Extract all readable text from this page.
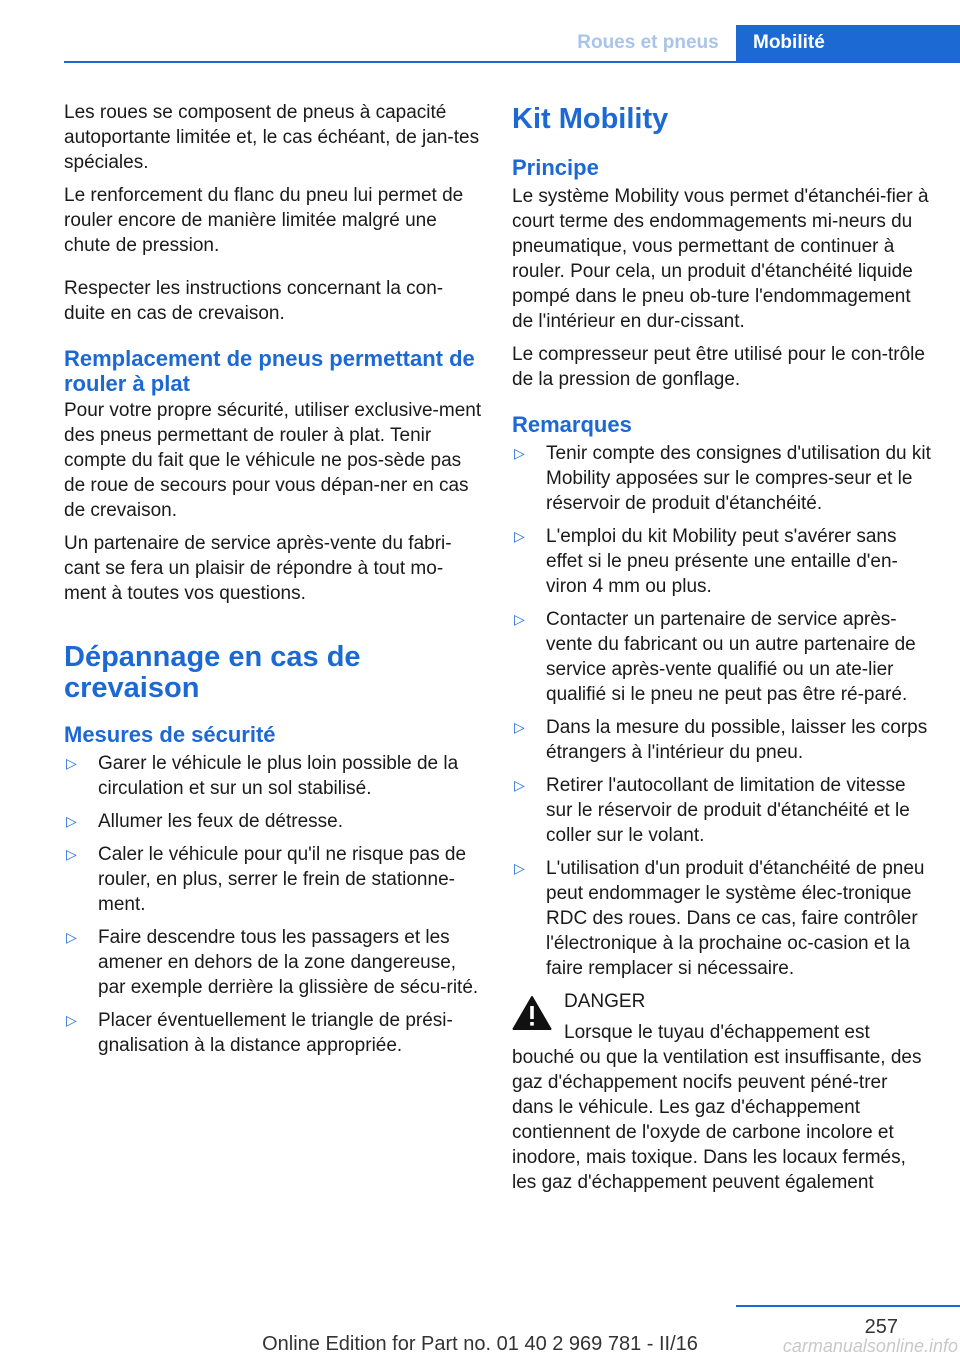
Roues et pneus	Mobilité

Les roues se composent de pneus à capacité autoportante limitée et, le cas échéant, de jan-tes spéciales.

Le renforcement du flanc du pneu lui permet de rouler encore de manière limitée malgré une chute de pression.

Respecter les instructions concernant la con-duite en cas de crevaison.

Remplacement de pneus permettant de rouler à plat

Pour votre propre sécurité, utiliser exclusive-ment des pneus permettant de rouler à plat. Tenir compte du fait que le véhicule ne pos-sède pas de roue de secours pour vous dépan-ner en cas de crevaison.

Un partenaire de service après-vente du fabri-cant se fera un plaisir de répondre à tout mo-ment à toutes vos questions.

Dépannage en cas de crevaison
Mesures de sécurité
▷	Garer le véhicule le plus loin possible de la circulation et sur un sol stabilisé.
▷	Allumer les feux de détresse.
▷	Caler le véhicule pour qu'il ne risque pas de rouler, en plus, serrer le frein de stationne-ment.
▷	Faire descendre tous les passagers et les amener en dehors de la zone dangereuse, par exemple derrière la glissière de sécu-rité.
▷	Placer éventuellement le triangle de prési-gnalisation à la distance appropriée.
Kit Mobility
Principe

Le système Mobility vous permet d'étanchéi-fier à court terme des endommagements mi-neurs du pneumatique, vous permettant de continuer à rouler. Pour cela, un produit d'étanchéité liquide pompé dans le pneu ob-ture l'endommagement de l'intérieur en dur-cissant.

Le compresseur peut être utilisé pour le con-trôle de la pression de gonflage.

Remarques
▷	Tenir compte des consignes d'utilisation du kit Mobility apposées sur le compres-seur et le réservoir de produit d'étanchéité.
▷	L'emploi du kit Mobility peut s'avérer sans effet si le pneu présente une entaille d'en-viron 4 mm ou plus.
▷	Contacter un partenaire de service après-vente du fabricant ou un autre partenaire de service après-vente qualifié ou un ate-lier qualifié si le pneu ne peut pas être ré-paré.
▷	Dans la mesure du possible, laisser les corps étrangers à l'intérieur du pneu.
▷	Retirer l'autocollant de limitation de vitesse sur le réservoir de produit d'étanchéité et le coller sur le volant.
▷	L'utilisation d'un produit d'étanchéité de pneu peut endommager le système élec-tronique RDC des roues. Dans ce cas, faire contrôler l'électronique à la prochaine oc-casion et la faire remplacer si nécessaire.
DANGER

Lorsque le tuyau d'échappement est bouché ou que la ventilation est insuffisante, des gaz d'échappement nocifs peuvent péné-trer dans le véhicule. Les gaz d'échappement contiennent de l'oxyde de carbone incolore et inodore, mais toxique. Dans les locaux fermés, les gaz d'échappement peuvent également

257
Online Edition for Part no. 01 40 2 969 781 - II/16	carmanualsonline.info
